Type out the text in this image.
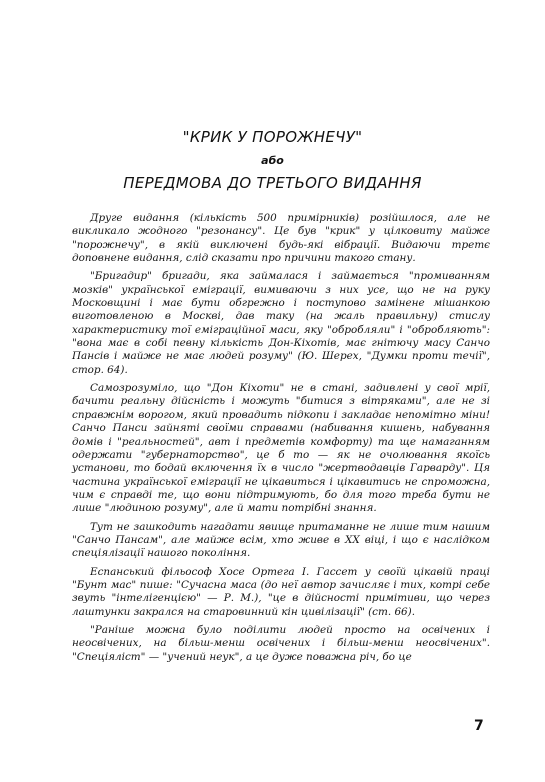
"КРИК У ПОРОЖНЕЧУ"
або
ПЕРЕДМОВА ДО ТРЕТЬОГО ВИДАННЯ

Друге видання (кількість 500 примірників) розійшлося, але не викликало жодного "резонансу". Це був "крик" у цілковиту майже "порожнечу", в якій виключені будь-які вібрації. Видаючи третє доповнене видання, слід сказати про причини такого стану.

"Бригадир" бригади, яка займалася і займається "промиванням мозків" української еміграції, вимиваючи з них усе, що не на руку Московщині і має бути обгрежно і поступово замінене мішанкою виготовленою в Москві, дав таку (на жаль правильну) стислу характеристику тої еміграційної маси, яку "обробляли" і "обробляють": "вона має в собі певну кількість Дон-Кіхотів, має гнітючу масу Санчо Пансів і майже не має людей розуму" (Ю. Шерех, "Думки проти течії", стор. 64).

Самозрозуміло, що "Дон Кіхоти" не в стані, задивлені у свої мрії, бачити реальну дійсність і можуть "битися з вітряками", але не зі справжнім ворогом, який провадить підкопи і закладає непомітно міни! Санчо Панси зайняті своїми справами (набивання кишень, набування домів і "реальностей", авт і предметів комфорту) та ще намаганням одержати "губернаторство", це б то — як не очолювання якоїсь установи, то бодай включення їх в число "жертводавців Гарварду". Ця частина української еміграції не цікавиться і цікавитись не спроможна, чим є справді те, що вони підтримують, бо для того треба бути не лише "людиною розуму", але й мати потрібні знання.

Тут не зашкодить нагадати явище притаманне не лише тим нашим "Санчо Пансам", але майже всім, хто живе в XX віці, і що є наслідком спеціялізації нашого покоління.

Еспанський фільософ Хосе Ортега І. Гассет у своїй цікавій праці "Бунт мас" пише: "Сучасна маса (до неї автор зачисляє і тих, котрі себе звуть "інтелігенцією" — Р. М.), "це в дійсності примітиви, що через лаштунки закрался на старовинний кін цивілізації" (ст. 66).

"Раніше можна було поділити людей просто на освічених і неосвічених, на більш-менш освічених і більш-менш неосвічених". "Спеціяліст" — "учений неук", а це дуже поважна річ, бо це

7
